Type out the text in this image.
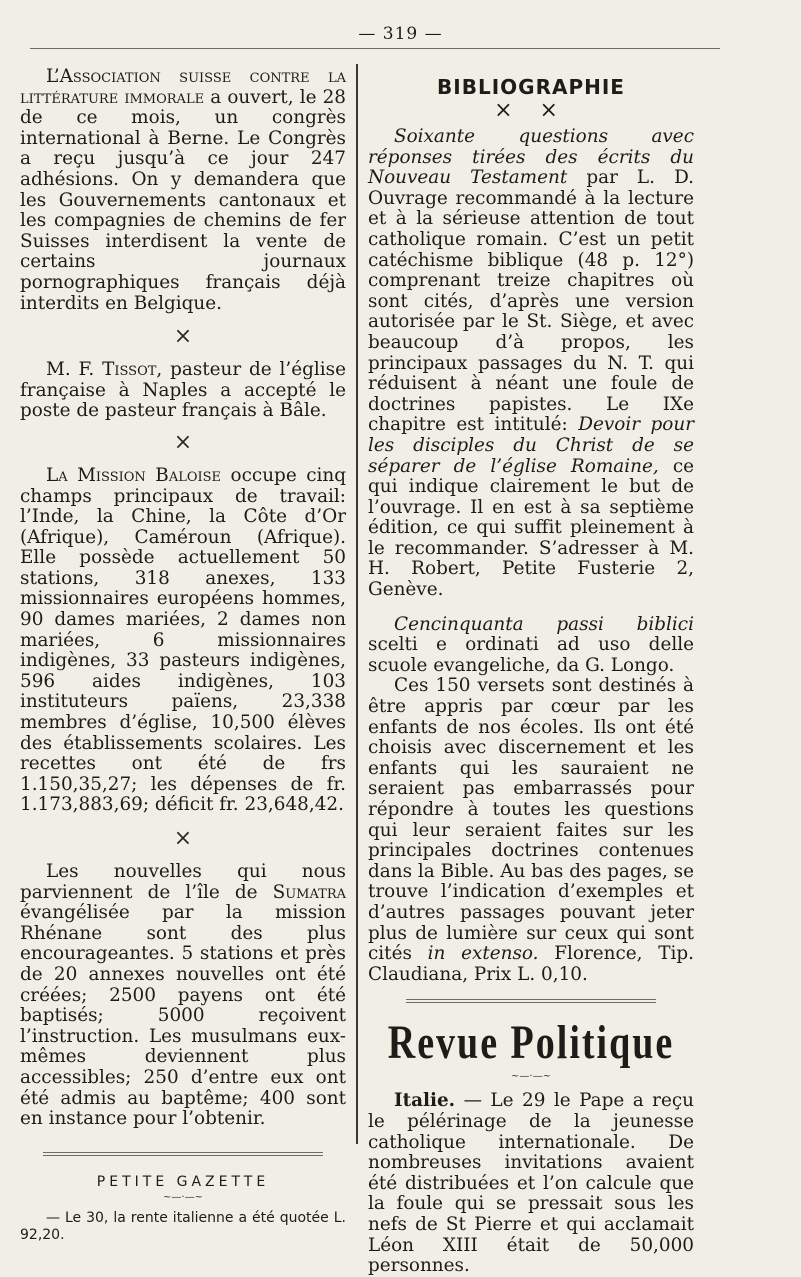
— 319 —

L’Association suisse contre la littérature immorale a ouvert, le 28 de ce mois, un congrès international à Berne. Le Congrès a reçu jusqu’à ce jour 247 adhésions. On y demandera que les Gouvernements cantonaux et les compagnies de chemins de fer Suisses interdisent la vente de certains journaux pornographiques français déjà interdits en Belgique.

×

M. F. Tissot, pasteur de l’église française à Naples a accepté le poste de pasteur français à Bâle.

×

La Mission Baloise occupe cinq champs principaux de travail: l’Inde, la Chine, la Côte d’Or (Afrique), Caméroun (Afrique). Elle possède actuellement 50 stations, 318 anexes, 133 missionnaires européens hommes, 90 dames mariées, 2 dames non mariées, 6 missionnaires indigènes, 33 pasteurs indigènes, 596 aides indigènes, 103 instituteurs païens, 23,338 membres d’église, 10,500 élèves des établissements scolaires. Les recettes ont été de frs 1.150,35,27; les dépenses de fr. 1.173,883,69; déficit fr. 23,648,42.

×

Les nouvelles qui nous parviennent de l’île de Sumatra évangélisée par la mission Rhénane sont des plus encourageantes. 5 stations et près de 20 annexes nouvelles ont été créées; 2500 payens ont été baptisés; 5000 reçoivent l’instruction. Les musulmans eux-mêmes deviennent plus accessibles; 250 d’entre eux ont été admis au baptême; 400 sont en instance pour l’obtenir.

PETITE GAZETTE
~—·—~

— Le 30, la rente italienne a été quotée L. 92,20.

BIBLIOGRAPHIE
× ×

Soixante questions avec réponses tirées des écrits du Nouveau Testament par L. D. Ouvrage recommandé à la lecture et à la sérieuse attention de tout catholique romain. C’est un petit catéchisme biblique (48 p. 12°) comprenant treize chapitres où sont cités, d’après une version autorisée par le St. Siège, et avec beaucoup d’à propos, les principaux passages du N. T. qui réduisent à néant une foule de doctrines papistes. Le IXe chapitre est intitulé: Devoir pour les disciples du Christ de se séparer de l’église Romaine, ce qui indique clairement le but de l’ouvrage. Il en est à sa septième édition, ce qui suffit pleinement à le recommander. S’adresser à M. H. Robert, Petite Fusterie 2, Genève.

Cencinquanta passi biblici scelti e ordinati ad uso delle scuole evangeliche, da G. Longo.

Ces 150 versets sont destinés à être appris par cœur par les enfants de nos écoles. Ils ont été choisis avec discernement et les enfants qui les sauraient ne seraient pas embarrassés pour répondre à toutes les questions qui leur seraient faites sur les principales doctrines contenues dans la Bible. Au bas des pages, se trouve l’indication d’exemples et d’autres passages pouvant jeter plus de lumière sur ceux qui sont cités in extenso. Florence, Tip. Claudiana, Prix L. 0,10.

Revue Politique
~—·—~

Italie. — Le 29 le Pape a reçu le pélérinage de la jeunesse catholique internationale. De nombreuses invitations avaient été distribuées et l’on calcule que la foule qui se pressait sous les nefs de St Pierre et qui acclamait Léon XIII était de 50,000 personnes.
